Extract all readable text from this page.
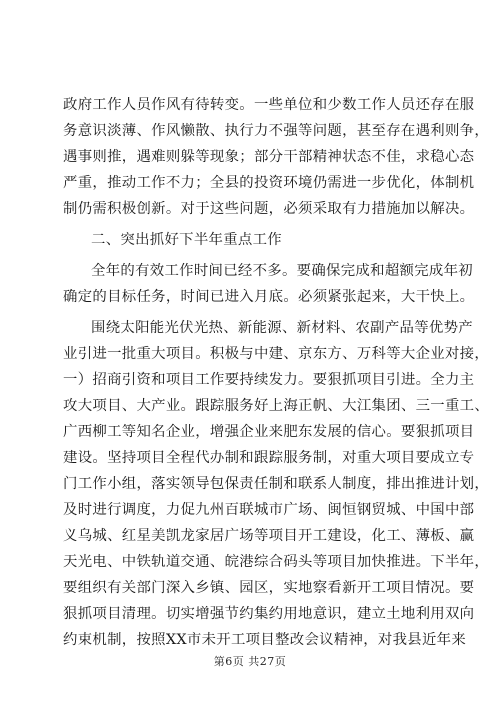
政府工作人员作风有待转变。一些单位和少数工作人员还存在服
务意识淡薄、作风懒散、执行力不强等问题，甚至存在遇利则争，
遇事则推，遇难则躲等现象；部分干部精神状态不佳，求稳心态
严重，推动工作不力；全县的投资环境仍需进一步优化，体制机
制仍需积极创新。对于这些问题，必须采取有力措施加以解决。
二、突出抓好下半年重点工作
全年的有效工作时间已经不多。要确保完成和超额完成年初
确定的目标任务，时间已进入月底。必须紧张起来，大干快上。
围绕太阳能光伏光热、新能源、新材料、农副产品等优势产
业引进一批重大项目。积极与中建、京东方、万科等大企业对接，
一）招商引资和项目工作要持续发力。要狠抓项目引进。全力主
攻大项目、大产业。跟踪服务好上海正帆、大江集团、三一重工、
广西柳工等知名企业，增强企业来肥东发展的信心。要狠抓项目
建设。坚持项目全程代办制和跟踪服务制，对重大项目要成立专
门工作小组，落实领导包保责任制和联系人制度，排出推进计划，
及时进行调度，力促九州百联城市广场、闽恒钢贸城、中国中部
义乌城、红星美凯龙家居广场等项目开工建设，化工、薄板、赢
天光电、中铁轨道交通、皖港综合码头等项目加快推进。下半年，
要组织有关部门深入乡镇、园区，实地察看新开工项目情况。要
狠抓项目清理。切实增强节约集约用地意识，建立土地利用双向
约束机制，按照XX市未开工项目整改会议精神，对我县近年来
第6页 共27页
